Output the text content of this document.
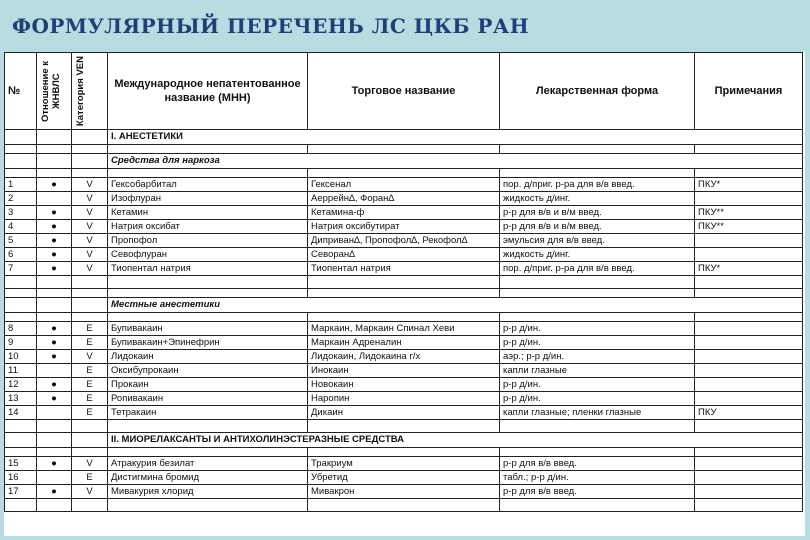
ФОРМУЛЯРНЫЙ ПЕРЕЧЕНЬ ЛС ЦКБ РАН
№	Отношение к ЖНВЛС	Категория VEN	Международное непатентованное название (МНН)	Торговое название	Лекарственная форма	Примечания
			I. АНЕСТЕТИКИ			

			Средства для наркоза			

1	●	V	Гексобарбитал	Гексенал	пор. д/приг. р-ра для в/в введ.	ПКУ*
2		V	Изофлуран	Аеррейн∆, Форан∆	жидкость д/инг.	
3	●	V	Кетамин	Кетамина-ф	р-р для в/в и в/м введ.	ПКУ**
4	●	V	Натрия оксибат	Натрия оксибутират	р-р для в/в и в/м введ.	ПКУ**
5	●	V	Пропофол	Диприван∆, Пропофол∆, Рекофол∆	эмульсия для в/в введ.	
6	●	V	Севофлуран	Севоран∆	жидкость д/инг.	
7	●	V	Тиопентал натрия	Тиопентал натрия	пор. д/приг. р-ра для в/в введ.	ПКУ*

			Местные анестетики			

8	●	E	Бупивакаин	Маркаин, Маркаин Спинал Хеви	р-р д/ин.	
9	●	E	Бупивакаин+Эпинефрин	Маркаин Адреналин	р-р д/ин.	
10	●	V	Лидокаин	Лидокаин, Лидокаина г/х	аэр.; р-р д/ин.	
11		E	Оксибупрокаин	Инокаин	капли глазные	
12	●	E	Прокаин	Новокаин	р-р д/ин.	
13	●	E	Ропивакаин	Наропин	р-р д/ин.	
14		E	Тетракаин	Дикаин	капли глазные; пленки глазные	ПКУ

			II. МИОРЕЛАКСАНТЫ И АНТИХОЛИНЭСТЕРАЗНЫЕ СРЕДСТВА			

15	●	V	Атракурия безилат	Тракриум	р-р для в/в введ.	
16		E	Дистигмина бромид	Убретид	табл.; р-р д/ин.	
17	●	V	Мивакурия хлорид	Мивакрон	р-р для в/в введ.	
